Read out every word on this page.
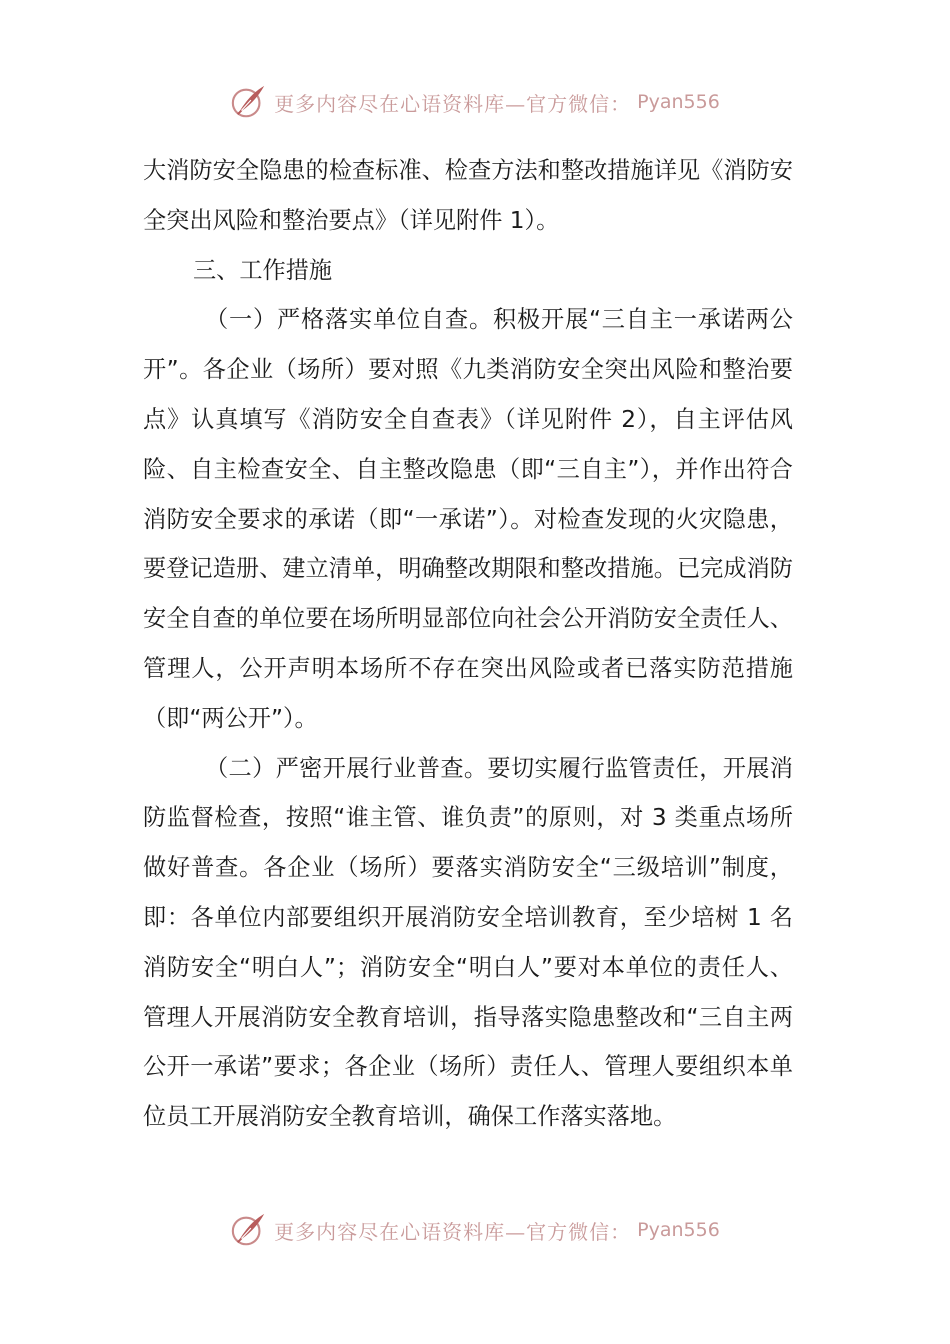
更多内容尽在心语资料库—官方微信： Pyan556

大消防安全隐患的检查标准、检查方法和整改措施详见《消防安全突出风险和整治要点》（详见附件 1）。

三、工作措施

（一）严格落实单位自查。积极开展“三自主一承诺两公开”。各企业（场所）要对照《九类消防安全突出风险和整治要点》认真填写《消防安全自查表》（详见附件 2），自主评估风险、自主检查安全、自主整改隐患（即“三自主”），并作出符合消防安全要求的承诺（即“一承诺”）。对检查发现的火灾隐患，要登记造册、建立清单，明确整改期限和整改措施。已完成消防安全自查的单位要在场所明显部位向社会公开消防安全责任人、管理人，公开声明本场所不存在突出风险或者已落实防范措施（即“两公开”）。

（二）严密开展行业普查。要切实履行监管责任，开展消防监督检查，按照“谁主管、谁负责”的原则，对 3 类重点场所做好普查。各企业（场所）要落实消防安全“三级培训”制度，即：各单位内部要组织开展消防安全培训教育，至少培树 1 名消防安全“明白人”；消防安全“明白人”要对本单位的责任人、管理人开展消防安全教育培训，指导落实隐患整改和“三自主两公开一承诺”要求；各企业（场所）责任人、管理人要组织本单位员工开展消防安全教育培训，确保工作落实落地。

更多内容尽在心语资料库—官方微信： Pyan556
